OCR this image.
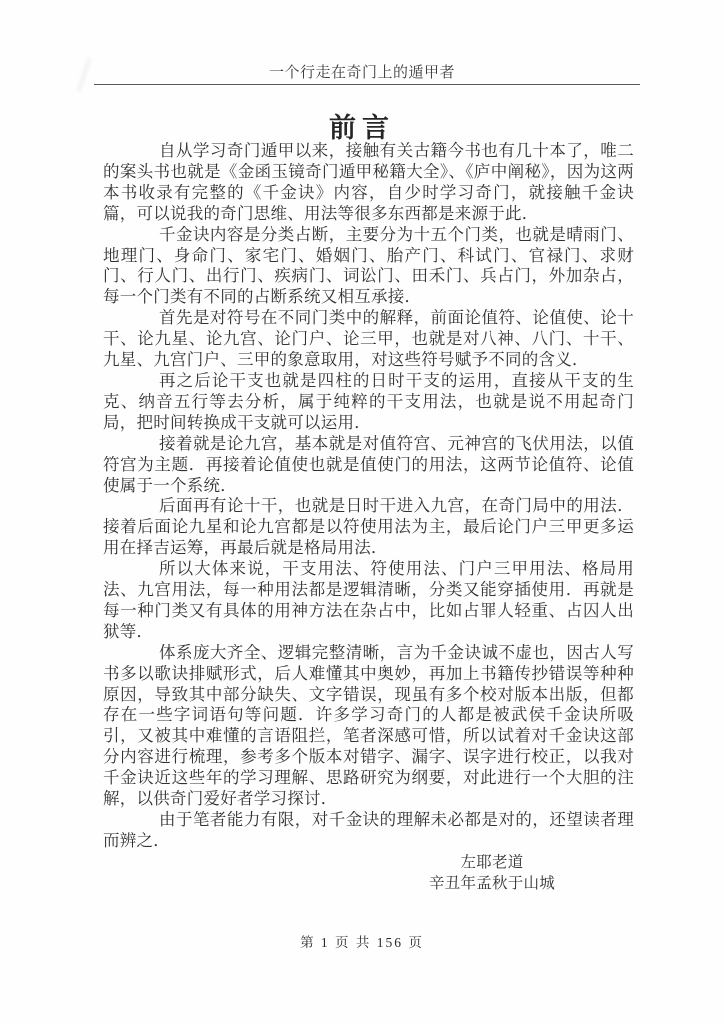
一个行走在奇门上的遁甲者
前言

自从学习奇门遁甲以来，接触有关古籍今书也有几十本了，唯二的案头书也就是《金函玉镜奇门遁甲秘籍大全》、《庐中阐秘》，因为这两本书收录有完整的《千金诀》内容，自少时学习奇门，就接触千金诀篇，可以说我的奇门思维、用法等很多东西都是来源于此．

千金诀内容是分类占断，主要分为十五个门类，也就是晴雨门、地理门、身命门、家宅门、婚姻门、胎产门、科试门、官禄门、求财门、行人门、出行门、疾病门、词讼门、田禾门、兵占门，外加杂占，每一个门类有不同的占断系统又相互承接．

首先是对符号在不同门类中的解释，前面论值符、论值使、论十干、论九星、论九宫、论门户、论三甲，也就是对八神、八门、十干、九星、九宫门户、三甲的象意取用，对这些符号赋予不同的含义．

再之后论干支也就是四柱的日时干支的运用，直接从干支的生克、纳音五行等去分析，属于纯粹的干支用法，也就是说不用起奇门局，把时间转换成干支就可以运用．

接着就是论九宫，基本就是对值符宫、元神宫的飞伏用法，以值符宫为主题．再接着论值使也就是值使门的用法，这两节论值符、论值使属于一个系统．

后面再有论十干，也就是日时干进入九宫，在奇门局中的用法．接着后面论九星和论九宫都是以符使用法为主，最后论门户三甲更多运用在择吉运筹，再最后就是格局用法．

所以大体来说，干支用法、符使用法、门户三甲用法、格局用法、九宫用法，每一种用法都是逻辑清晰，分类又能穿插使用．再就是每一种门类又有具体的用神方法在杂占中，比如占罪人轻重、占囚人出狱等．

体系庞大齐全、逻辑完整清晰，言为千金诀诚不虚也，因古人写书多以歌诀排赋形式，后人难懂其中奥妙，再加上书籍传抄错误等种种原因，导致其中部分缺失、文字错误，现虽有多个校对版本出版，但都存在一些字词语句等问题．许多学习奇门的人都是被武侯千金诀所吸引，又被其中难懂的言语阻拦，笔者深感可惜，所以试着对千金诀这部分内容进行梳理，参考多个版本对错字、漏字、误字进行校正，以我对千金诀近这些年的学习理解、思路研究为纲要，对此进行一个大胆的注解，以供奇门爱好者学习探讨．

由于笔者能力有限，对千金诀的理解未必都是对的，还望读者理而辨之．

左耶老道
辛丑年孟秋于山城
第 1 页 共 156 页
